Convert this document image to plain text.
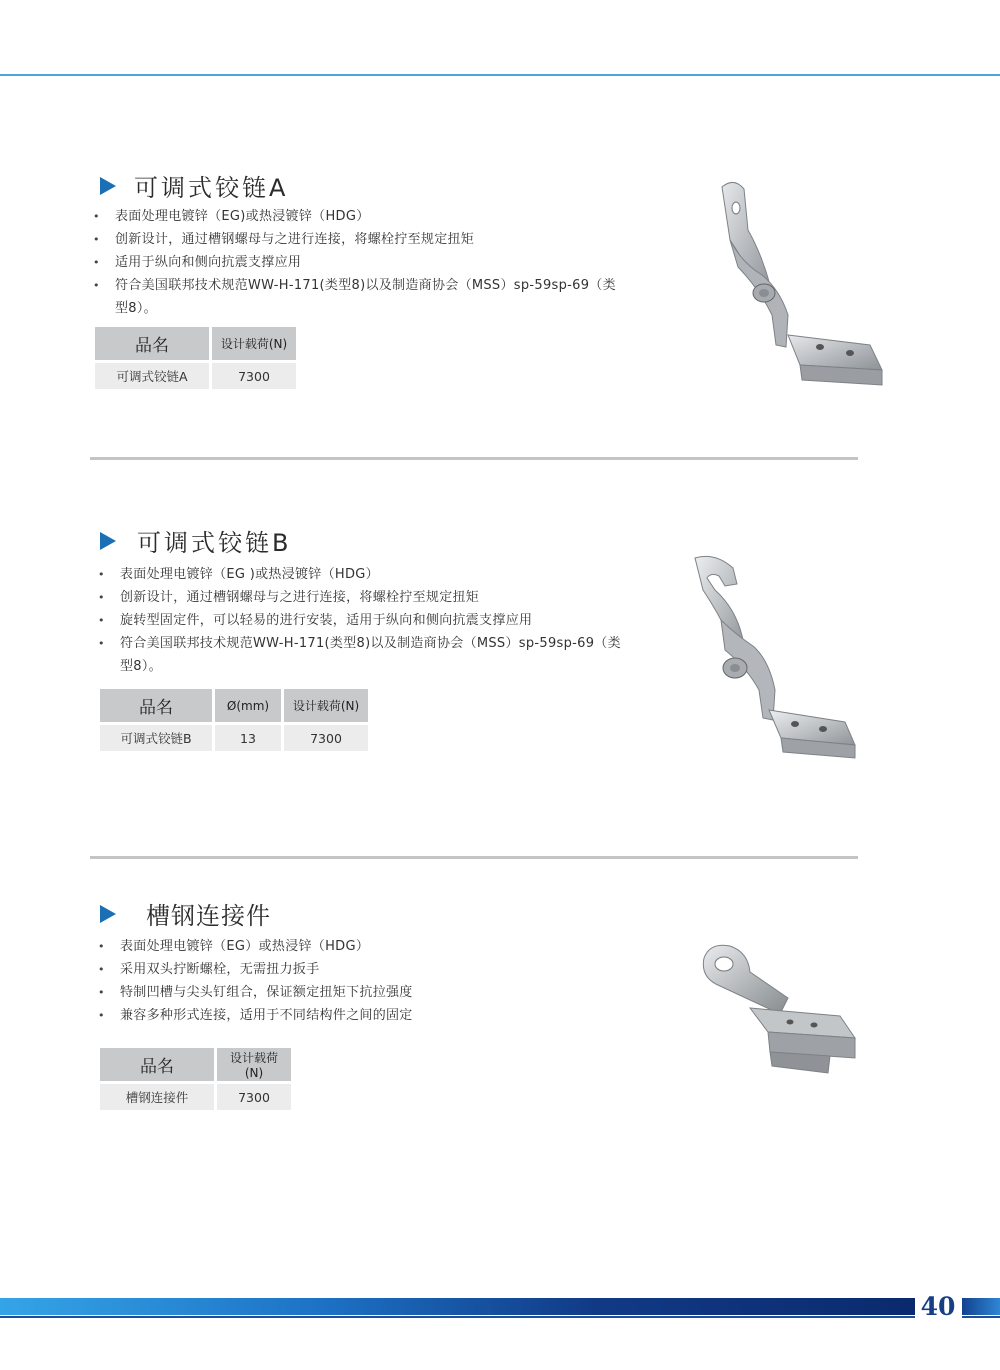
可调式铰链A
• 表面处理电镀锌（EG)或热浸镀锌（HDG）
• 创新设计，通过槽钢螺母与之进行连接，将螺栓拧至规定扭矩
• 适用于纵向和侧向抗震支撑应用
• 符合美国联邦技术规范WW-H-171(类型8)以及制造商协会（MSS）sp-59sp-69（类型8）。
品名	设计载荷(N)
可调式铰链A	7300
可调式铰链B
• 表面处理电镀锌（EG )或热浸镀锌（HDG）
• 创新设计，通过槽钢螺母与之进行连接，将螺栓拧至规定扭矩
• 旋转型固定件，可以轻易的进行安装，适用于纵向和侧向抗震支撑应用
• 符合美国联邦技术规范WW-H-171(类型8)以及制造商协会（MSS）sp-59sp-69（类型8）。
品名	Ø(mm)	设计载荷(N)
可调式铰链B	13	7300
槽钢连接件
• 表面处理电镀锌（EG）或热浸锌（HDG）
• 采用双头拧断螺栓，无需扭力扳手
• 特制凹槽与尖头钉组合，保证额定扭矩下抗拉强度
• 兼容多种形式连接，适用于不同结构件之间的固定
品名	设计载荷(N)
槽钢连接件	7300
40
